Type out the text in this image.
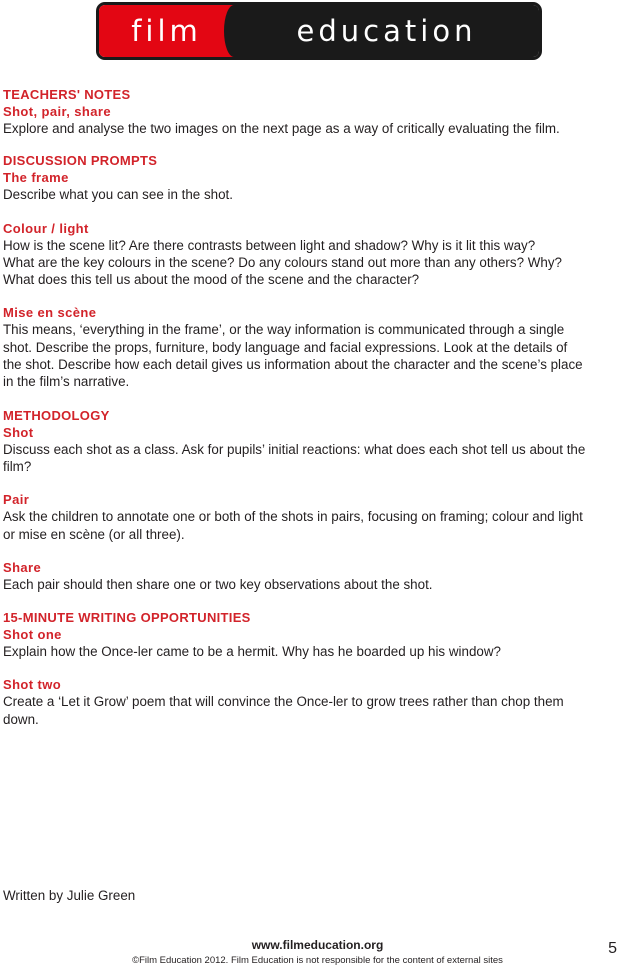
film	education
TEACHERS' NOTES
Shot, pair, share

Explore and analyse the two images on the next page as a way of critically evaluating the film.

DISCUSSION PROMPTS
The frame

Describe what you can see in the shot.

Colour / light

How is the scene lit? Are there contrasts between light and shadow? Why is it lit this way?
What are the key colours in the scene? Do any colours stand out more than any others? Why?
What does this tell us about the mood of the scene and the character?

Mise en scène

This means, ‘everything in the frame’, or the way information is communicated through a single
shot. Describe the props, furniture, body language and facial expressions. Look at the details of
the shot. Describe how each detail gives us information about the character and the scene’s place
in the film’s narrative.

METHODOLOGY
Shot

Discuss each shot as a class. Ask for pupils’ initial reactions: what does each shot tell us about the
film?

Pair

Ask the children to annotate one or both of the shots in pairs, focusing on framing; colour and light
or mise en scène (or all three).

Share

Each pair should then share one or two key observations about the shot.

15-MINUTE WRITING OPPORTUNITIES
Shot one

Explain how the Once-ler came to be a hermit. Why has he boarded up his window?

Shot two

Create a ‘Let it Grow’ poem that will convince the Once-ler to grow trees rather than chop them
down.

Written by Julie Green

www.filmeducation.org
©Film Education 2012. Film Education is not responsible for the content of external sites
5
